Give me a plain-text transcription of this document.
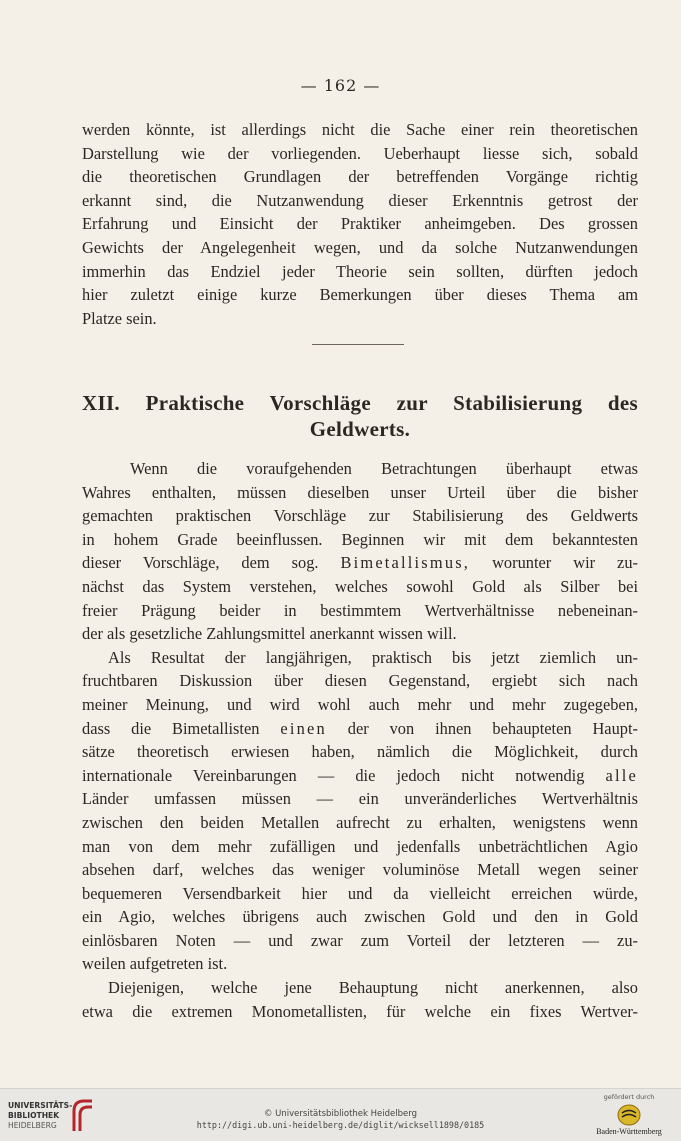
— 162 —
werden könnte, ist allerdings nicht die Sache einer rein theoretischen
Darstellung wie der vorliegenden. Ueberhaupt liesse sich, sobald
die theoretischen Grundlagen der betreffenden Vorgänge richtig
erkannt sind, die Nutzanwendung dieser Erkenntnis getrost der
Erfahrung und Einsicht der Praktiker anheimgeben. Des grossen
Gewichts der Angelegenheit wegen, und da solche Nutzanwendungen
immerhin das Endziel jeder Theorie sein sollten, dürften jedoch
hier zuletzt einige kurze Bemerkungen über dieses Thema am
Platze sein.
XII. Praktische Vorschläge zur Stabilisierung des
Geldwerts.
Wenn die voraufgehenden Betrachtungen überhaupt etwas
Wahres enthalten, müssen dieselben unser Urteil über die bisher
gemachten praktischen Vorschläge zur Stabilisierung des Geldwerts
in hohem Grade beeinflussen. Beginnen wir mit dem bekanntesten
dieser Vorschläge, dem sog. Bimetallismus, worunter wir zu-
nächst das System verstehen, welches sowohl Gold als Silber bei
freier Prägung beider in bestimmtem Wertverhältnisse nebeneinan-
der als gesetzliche Zahlungsmittel anerkannt wissen will.
Als Resultat der langjährigen, praktisch bis jetzt ziemlich un-
fruchtbaren Diskussion über diesen Gegenstand, ergiebt sich nach
meiner Meinung, und wird wohl auch mehr und mehr zugegeben,
dass die Bimetallisten einen der von ihnen behaupteten Haupt-
sätze theoretisch erwiesen haben, nämlich die Möglichkeit, durch
internationale Vereinbarungen — die jedoch nicht notwendig alle
Länder umfassen müssen — ein unveränderliches Wertverhältnis
zwischen den beiden Metallen aufrecht zu erhalten, wenigstens wenn
man von dem mehr zufälligen und jedenfalls unbeträchtlichen Agio
absehen darf, welches das weniger voluminöse Metall wegen seiner
bequemeren Versendbarkeit hier und da vielleicht erreichen würde,
ein Agio, welches übrigens auch zwischen Gold und den in Gold
einlösbaren Noten — und zwar zum Vorteil der letzteren — zu-
weilen aufgetreten ist.
Diejenigen, welche jene Behauptung nicht anerkennen, also
etwa die extremen Monometallisten, für welche ein fixes Wertver-
UNIVERSITÄTS-
BIBLIOTHEK
HEIDELBERG
© Universitätsbibliothek Heidelberg
http://digi.ub.uni-heidelberg.de/diglit/wicksell1898/0185
gefördert durch
Baden-Württemberg
